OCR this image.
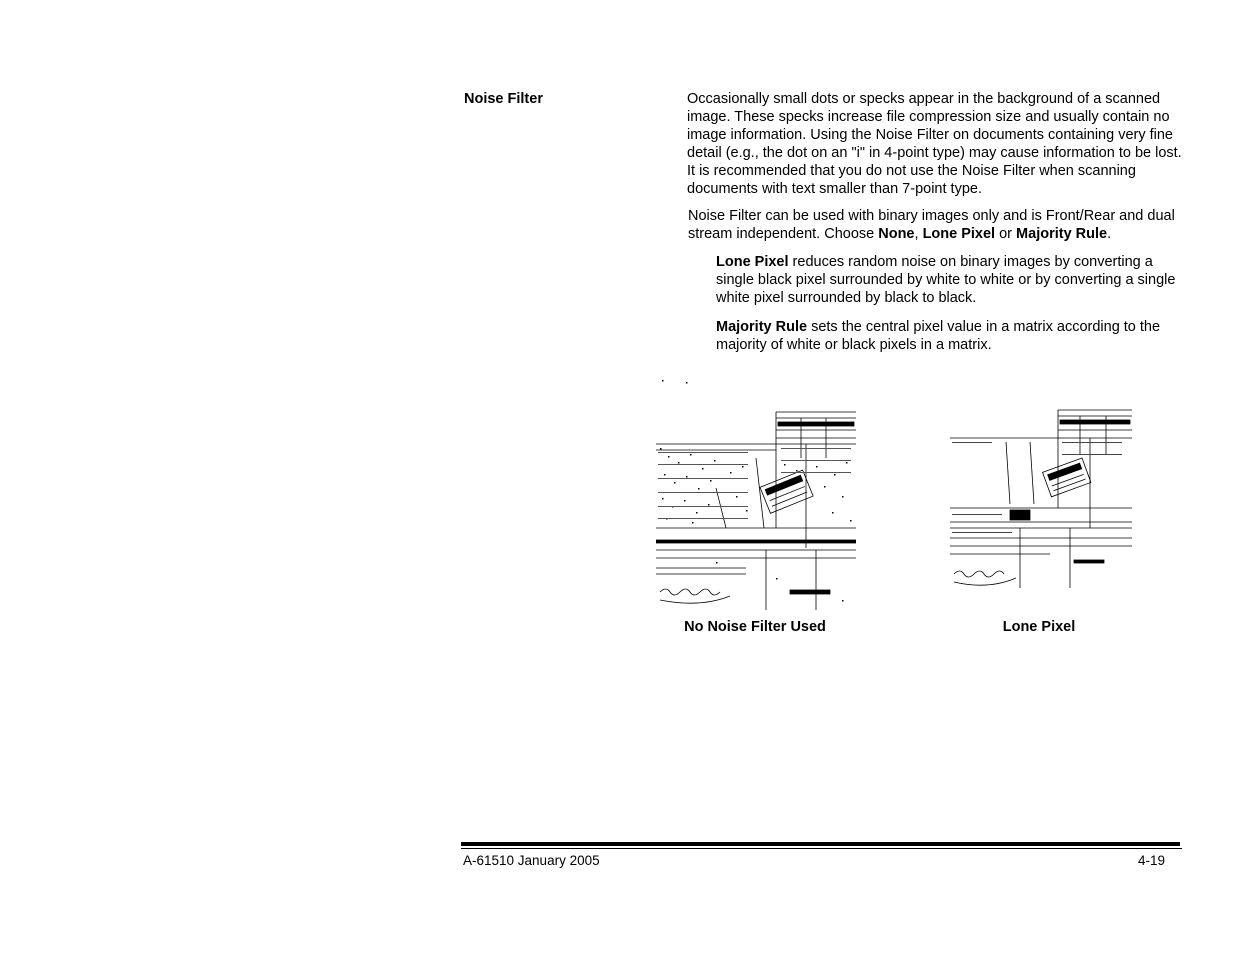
Noise Filter	Occasionally small dots or specks appear in the background of a scanned image. These specks increase file compression size and usually contain no image information. Using the Noise Filter on documents containing very fine detail (e.g., the dot on an "i" in 4-point type) may cause information to be lost. It is recommended that you do not use the Noise Filter when scanning documents with text smaller than 7-point type.

Noise Filter can be used with binary images only and is Front/Rear and dual stream independent. Choose None, Lone Pixel or Majority Rule.

Lone Pixel reduces random noise on binary images by converting a single black pixel surrounded by white to white or by converting a single white pixel surrounded by black to black.

Majority Rule sets the central pixel value in a matrix according to the majority of white or black pixels in a matrix.

No Noise Filter Used	Lone Pixel
A-61510 January 2005	4-19
